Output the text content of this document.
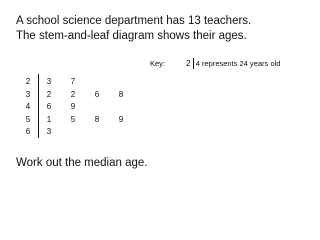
A school science department has 13 teachers.
The stem-and-leaf diagram shows their ages.
Key: 2 4 represents 24 years old
2	3	7
3	2	2	6	8
4	6	9
5	1	5	8	9
6	3
Work out the median age.
